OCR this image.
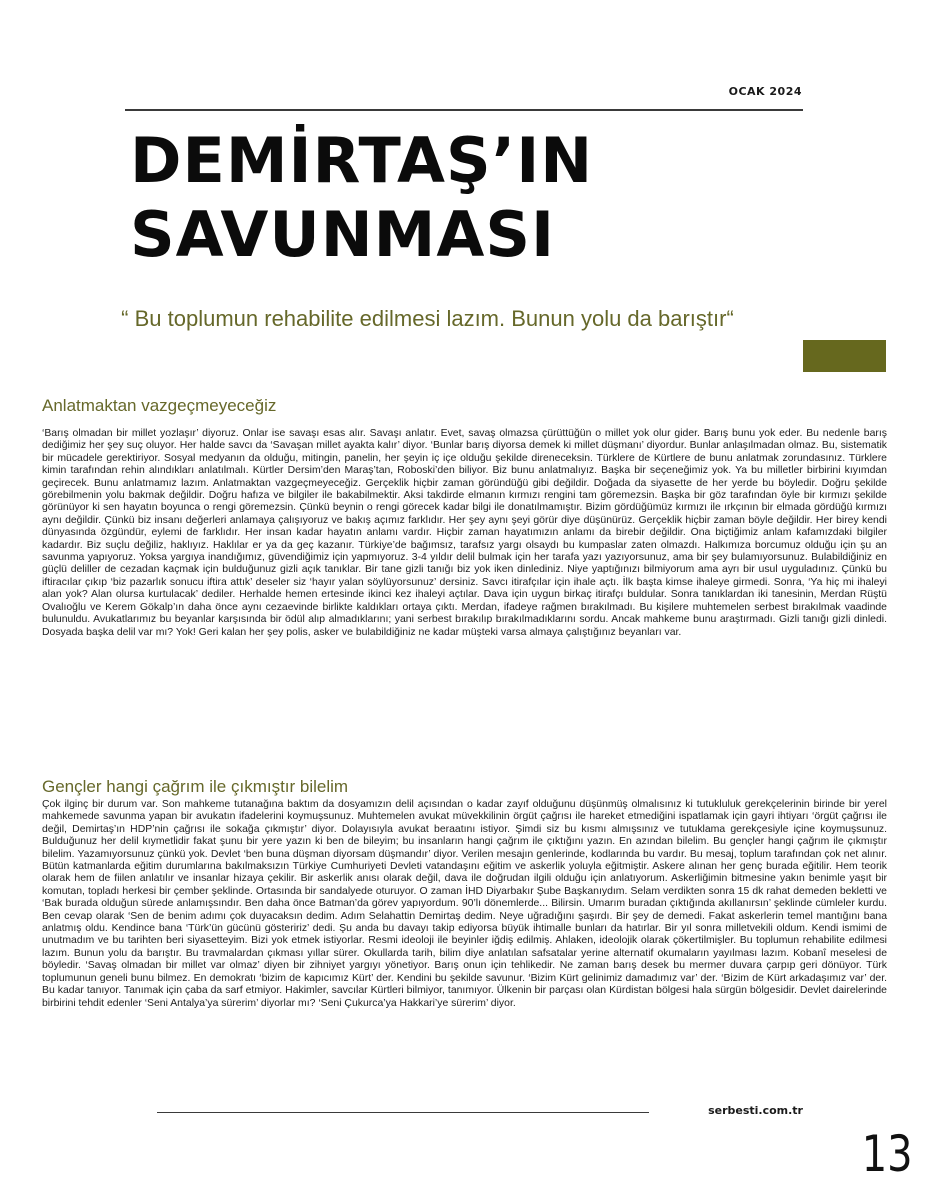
OCAK 2024
DEMİRTAŞ’IN
SAVUNMASI

“ Bu toplumun rehabilite edilmesi lazım. Bunun yolu da barıştır“

Anlatmaktan vazgeçmeyeceğiz

‘Barış olmadan bir millet yozlaşır’ diyoruz. Onlar ise savaşı esas alır. Savaşı anlatır. Evet, savaş olmazsa çürüttüğün o millet yok olur gider. Barış bunu yok eder. Bu nedenle barış dediğimiz her şey suç oluyor. Her halde savcı da ‘Savaşan millet ayakta kalır’ diyor. ‘Bunlar barış diyorsa demek ki millet düşmanı’ diyordur. Bunlar anlaşılmadan olmaz. Bu, sistematik bir mücadele gerektiriyor. Sosyal medyanın da olduğu, mitingin, panelin, her şeyin iç içe olduğu şekilde direneceksin. Türklere de Kürtlere de bunu anlatmak zorundasınız. Türklere kimin tarafından rehin alındıkları anlatılmalı. Kürtler Dersim’den Maraş’tan, Roboski’den biliyor. Biz bunu anlatmalıyız. Başka bir seçeneğimiz yok. Ya bu milletler birbirini kıyımdan geçirecek. Bunu anlatmamız lazım. Anlatmaktan vazgeçmeyeceğiz. Gerçeklik hiçbir zaman göründüğü gibi değildir. Doğada da siyasette de her yerde bu böyledir. Doğru şekilde görebilmenin yolu bakmak değildir. Doğru hafıza ve bilgiler ile bakabilmektir. Aksi takdirde elmanın kırmızı rengini tam göremezsin. Başka bir göz tarafından öyle bir kırmızı şekilde görünüyor ki sen hayatın boyunca o rengi göremezsin. Çünkü beynin o rengi görecek kadar bilgi ile donatılmamıştır. Bizim gördüğümüz kırmızı ile ırkçının bir elmada gördüğü kırmızı aynı değildir. Çünkü biz insanı değerleri anlamaya çalışıyoruz ve bakış açımız farklıdır. Her şey aynı şeyi görür diye düşünürüz. Gerçeklik hiçbir zaman böyle değildir. Her birey kendi dünyasında özgündür, eylemi de farklıdır. Her insan kadar hayatın anlamı vardır. Hiçbir zaman hayatımızın anlamı da birebir değildir. Ona biçtiğimiz anlam kafamızdaki bilgiler kadardır. Biz suçlu değiliz, haklıyız. Haklılar er ya da geç kazanır. Türkiye’de bağımsız, tarafsız yargı olsaydı bu kumpaslar zaten olmazdı. Halkımıza borcumuz olduğu için şu an savunma yapıyoruz. Yoksa yargıya inandığımız, güvendiğimiz için yapmıyoruz. 3-4 yıldır delil bulmak için her tarafa yazı yazıyorsunuz, ama bir şey bulamıyorsunuz. Bulabildiğiniz en güçlü deliller de cezadan kaçmak için bulduğunuz gizli açık tanıklar. Bir tane gizli tanığı biz yok iken dinlediniz. Niye yaptığınızı bilmiyorum ama ayrı bir usul uyguladınız. Çünkü bu iftiracılar çıkıp ‘biz pazarlık sonucu iftira attık’ deseler siz ‘hayır yalan söylüyorsunuz’ dersiniz. Savcı itirafçılar için ihale açtı. İlk başta kimse ihaleye girmedi. Sonra, ‘Ya hiç mi ihaleyi alan yok? Alan olursa kurtulacak’ dediler. Herhalde hemen ertesinde ikinci kez ihaleyi açtılar. Dava için uygun birkaç itirafçı buldular. Sonra tanıklardan iki tanesinin, Merdan Rüştü Ovalıoğlu ve Kerem Gökalp’ın daha önce aynı cezaevinde birlikte kaldıkları ortaya çıktı. Merdan, ifadeye rağmen bırakılmadı. Bu kişilere muhtemelen serbest bırakılmak vaadinde bulunuldu. Avukatlarımız bu beyanlar karşısında bir ödül alıp almadıklarını; yani serbest bırakılıp bırakılmadıklarını sordu. Ancak mahkeme bunu araştırmadı. Gizli tanığı gizli dinledi. Dosyada başka delil var mı? Yok! Geri kalan her şey polis, asker ve bulabildiğiniz ne kadar müşteki varsa almaya çalıştığınız beyanları var.

Gençler hangi çağrım ile çıkmıştır bilelim

Çok ilginç bir durum var. Son mahkeme tutanağına baktım da dosyamızın delil açısından o kadar zayıf olduğunu düşünmüş olmalısınız ki tutukluluk gerekçelerinin birinde bir yerel mahkemede savunma yapan bir avukatın ifadelerini koymuşsunuz. Muhtemelen avukat müvekkilinin örgüt çağrısı ile hareket etmediğini ispatlamak için gayri ihtiyarı ‘örgüt çağrısı ile değil, Demirtaş’ın HDP’nin çağrısı ile sokağa çıkmıştır’ diyor. Dolayısıyla avukat beraatını istiyor. Şimdi siz bu kısmı almışsınız ve tutuklama gerekçesiyle içine koymuşsunuz. Bulduğunuz her delil kıymetlidir fakat şunu bir yere yazın ki ben de bileyim; bu insanların hangi çağrım ile çıktığını yazın. En azından bilelim. Bu gençler hangi çağrım ile çıkmıştır bilelim. Yazamıyorsunuz çünkü yok. Devlet ‘ben buna düşman diyorsam düşmandır’ diyor. Verilen mesajın genlerinde, kodlarında bu vardır. Bu mesaj, toplum tarafından çok net alınır. Bütün katmanlarda eğitim durumlarına bakılmaksızın Türkiye Cumhuriyeti Devleti vatandaşını eğitim ve askerlik yoluyla eğitmiştir. Askere alınan her genç burada eğitilir. Hem teorik olarak hem de fiilen anlatılır ve insanlar hizaya çekilir. Bir askerlik anısı olarak değil, dava ile doğrudan ilgili olduğu için anlatıyorum. Askerliğimin bitmesine yakın benimle yaşıt bir komutan, topladı herkesi bir çember şeklinde. Ortasında bir sandalyede oturuyor. O zaman İHD Diyarbakır Şube Başkanıydım. Selam verdikten sonra 15 dk rahat demeden bekletti ve ‘Bak burada olduğun sürede anlamışsındır. Ben daha önce Batman’da görev yapıyordum. 90’lı dönemlerde... Bilirsin. Umarım buradan çıktığında akıllanırsın’ şeklinde cümleler kurdu. Ben cevap olarak ‘Sen de benim adımı çok duyacaksın dedim. Adım Selahattin Demirtaş dedim. Neye uğradığını şaşırdı. Bir şey de demedi. Fakat askerlerin temel mantığını bana anlatmış oldu. Kendince bana ‘Türk’ün gücünü gösteririz’ dedi. Şu anda bu davayı takip ediyorsa büyük ihtimalle bunları da hatırlar. Bir yıl sonra milletvekili oldum. Kendi ismimi de unutmadım ve bu tarihten beri siyasetteyim. Bizi yok etmek istiyorlar. Resmi ideoloji ile beyinler iğdiş edilmiş. Ahlaken, ideolojik olarak çökertilmişler. Bu toplumun rehabilite edilmesi lazım. Bunun yolu da barıştır. Bu travmalardan çıkması yıllar sürer. Okullarda tarih, bilim diye anlatılan safsatalar yerine alternatif okumaların yayılması lazım. Kobanî meselesi de böyledir. ‘Savaş olmadan bir millet var olmaz’ diyen bir zihniyet yargıyı yönetiyor. Barış onun için tehlikedir. Ne zaman barış desek bu mermer duvara çarpıp geri dönüyor. Türk toplumunun geneli bunu bilmez. En demokratı ‘bizim de kapıcımız Kürt’ der. Kendini bu şekilde savunur. ‘Bizim Kürt gelinimiz damadımız var’ der. ‘Bizim de Kürt arkadaşımız var’ der. Bu kadar tanıyor. Tanımak için çaba da sarf etmiyor. Hakimler, savcılar Kürtleri bilmiyor, tanımıyor. Ülkenin bir parçası olan Kürdistan bölgesi hala sürgün bölgesidir. Devlet dairelerinde birbirini tehdit edenler ‘Seni Antalya’ya sürerim’ diyorlar mı? ‘Seni Çukurca’ya Hakkari’ye sürerim’ diyor.

serbesti.com.tr
13
